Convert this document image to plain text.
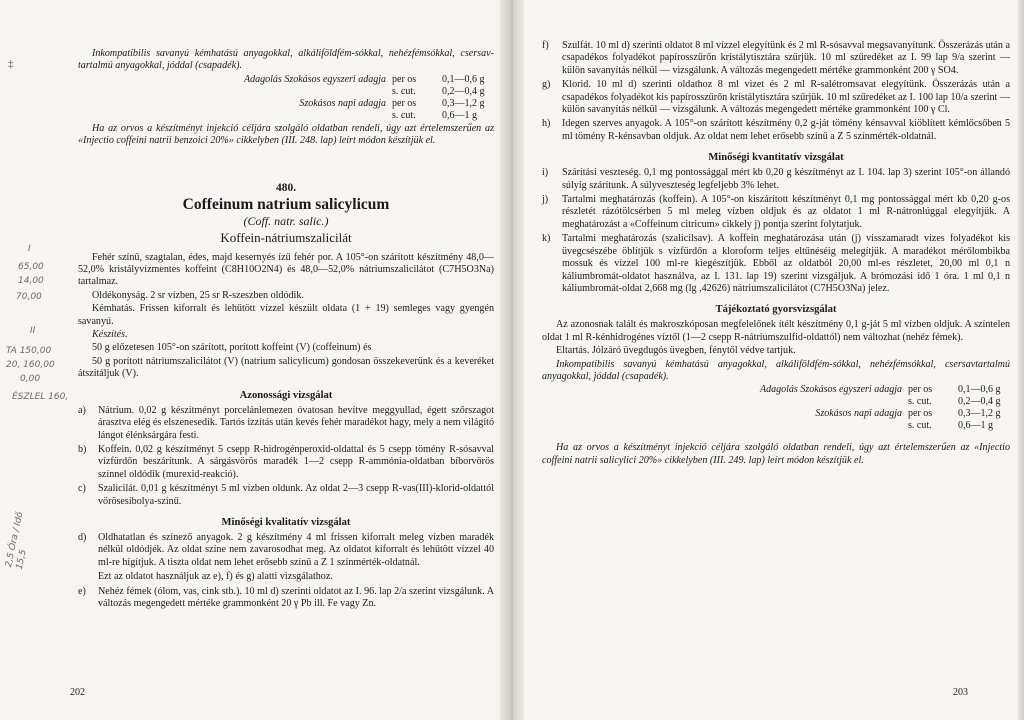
Inkompatibilis savanyú kémhatású anyagokkal, alkáliföldfém-sókkal, nehézfémsókkal, csersav-tartalmú anyagokkal, jóddal (csapadék).

Adagolás Szokásos egyszeri adagja per os	0,1—0,6 g
s. cut.	0,2—0,4 g
Szokásos napi adagja per os	0,3—1,2 g
s. cut.	0,6—1 g

Ha az orvos a készítményt injekció céljára szolgáló oldatban rendeli, úgy azt értelemszerűen az «Injectio coffeini natrii benzoici 20%» cikkelyben (III. 248. lap) leírt módon készítjük el.

480.
Coffeinum natrium salicylicum
(Coff. natr. salic.)
Koffein-nátriumszalicilát

Fehér színű, szagtalan, édes, majd kesernyés ízű fehér por. A 105°-on szárított készítmény 48,0—52,0% kristályvízmentes koffeint (C8H10O2N4) és 48,0—52,0% nátriumszalicilátot (C7H5O3Na) tartalmaz.

Oldékonyság. 2 sr vízben, 25 sr R-szeszben oldódik.

Kémhatás. Frissen kiforralt és lehűtött vízzel készült oldata (1 + 19) semleges vagy gyengén savanyú.

Készítés.

50 g előzetesen 105°-on szárított, porított koffeint (V) (coffeinum) és

50 g porított nátriumszalicilátot (V) (natrium salicylicum) gondosan összekeverünk és a keveréket átszitáljuk (V).

Azonossági vizsgálat
a)	Nátrium. 0,02 g készítményt porcelánlemezen óvatosan hevítve meggyullad, égett szőrszagot árasztva elég és elszenesedik. Tartós izzítás után kevés fehér maradékot hagy, mely a nem világító lángot élénksárgára festi.
b)	Koffein. 0,02 g készítményt 5 csepp R-hidrogénperoxid-oldattal és 5 csepp tömény R-sósavval vízfürdőn beszárítunk. A sárgásvörös maradék 1—2 csepp R-ammónia-oldatban bíborvörös színnel oldódik (murexid-reakció).
c)	Szalicilát. 0,01 g készítményt 5 ml vízben oldunk. Az oldat 2—3 csepp R-vas(III)-klorid-oldattól vörösesibolya-színű.
Minőségi kvalitatív vizsgálat
d)	Oldhatatlan és színező anyagok. 2 g készítmény 4 ml frissen kiforralt meleg vízben maradék nélkül oldódjék. Az oldat színe nem zavarosodhat meg. Az oldatot kiforralt és lehűtött vízzel 40 ml-re hígítjuk. A tiszta oldat nem lehet erősebb színű a Z 1 színmérték-oldatnál.
Ezt az oldatot használjuk az e), f) és g) alatti vizsgálathoz.
e)	Nehéz fémek (ólom, vas, cink stb.). 10 ml d) szerinti oldatot az I. 96. lap 2/a szerint vizsgálunk. A változás megengedett mértéke grammonként 20 γ Pb ill. Fe vagy Zn.
202
I
65,00
14,00
70,00
II
TA 150,00
20, 160,00
0,00
ÉSZLEL 160,
2,5 Óra / Idő 15,5
‡
f)	Szulfát. 10 ml d) szerinti oldatot 8 ml vízzel elegyítünk és 2 ml R-sósavval megsavanyítunk. Összerázás után a csapadékos folyadékot papírosszűrőn kristálytisztára szűrjük. 10 ml szűredéket az I. 99 lap 9/a szerint — külön savanyítás nélkül — vizsgálunk. A változás megengedett mértéke grammonként 200 γ SO4.
g)	Klorid. 10 ml d) szerinti oldathoz 8 ml vizet és 2 ml R-salétromsavat elegyítünk. Összerázás után a csapadékos folyadékot kis papírosszűrőn kristálytisztára szűrjük. 10 ml szűredéket az I. 100 lap 10/a szerint — külön savanyítás nélkül — vizsgálunk. A változás megengedett mértéke grammonként 100 γ Cl.
h)	Idegen szerves anyagok. A 105°-on szárított készítmény 0,2 g-ját tömény kénsavval kiöblített kémlőcsőben 5 ml tömény R-kénsavban oldjuk. Az oldat nem lehet erősebb színű a Z 5 színmérték-oldatnál.
Minőségi kvantitatív vizsgálat
i)	Szárítási veszteség. 0,1 mg pontossággal mért kb 0,20 g készítményt az I. 104. lap 3) szerint 105°-on állandó súlyig szárítunk. A súlyveszteség legfeljebb 3% lehet.
j)	Tartalmi meghatározás (koffein). A 105°-on kiszárított készítményt 0,1 mg pontossággal mért kb 0,20 g-os részletét rázótölcsérben 5 ml meleg vízben oldjuk és az oldatot 1 ml R-nátronlúggal elegyítjük. A meghatározást a «Coffeinum citricum» cikkely j) pontja szerint folytatjuk.
k)	Tartalmi meghatározás (szalicilsav). A koffein meghatározása után (j) visszamaradt vizes folyadékot kis üvegcsészébe öblítjük s vízfürdőn a kloroform teljes eltűnéséig melegítjük. A maradékot mérőlombikba mossuk és vízzel 100 ml-re kiegészítjük. Ebből az oldatból 20,00 ml-es részletet, 20,00 ml 0,1 n káliumbromát-oldatot használva, az I. 131. lap 19) szerint vizsgáljuk. A brómozási idő 1 óra. 1 ml 0,1 n káliumbromát-oldat 2,668 mg (lg ,42626) nátriumszalicilátot (C7H5O3Na) jelez.
Tájékoztató gyorsvizsgálat

Az azonosnak talált és makroszkóposan megfelelőnek ítélt készítmény 0,1 g-ját 5 ml vízben oldjuk. A színtelen oldat 1 ml R-kénhidrogénes víztől (1—2 csepp R-nátriumszulfid-oldattól) nem változhat (nehéz fémek).

Eltartás. Jólzáró üvegdugós üvegben, fénytől védve tartjuk.

Inkompatibilis savanyú kémhatású anyagokkal, alkáliföldfém-sókkal, nehézfémsókkal, csersavtartalmú anyagokkal, jóddal (csapadék).

Adagolás Szokásos egyszeri adagja per os	0,1—0,6 g
s. cut.	0,2—0,4 g
Szokásos napi adagja per os	0,3—1,2 g
s. cut.	0,6—1 g

Ha az orvos a készítményt injekció céljára szolgáló oldatban rendeli, úgy azt értelemszerűen az «Injectio coffeini natrii salicylici 20%» cikkelyben (III. 249. lap) leírt módon készítjük el.

203
